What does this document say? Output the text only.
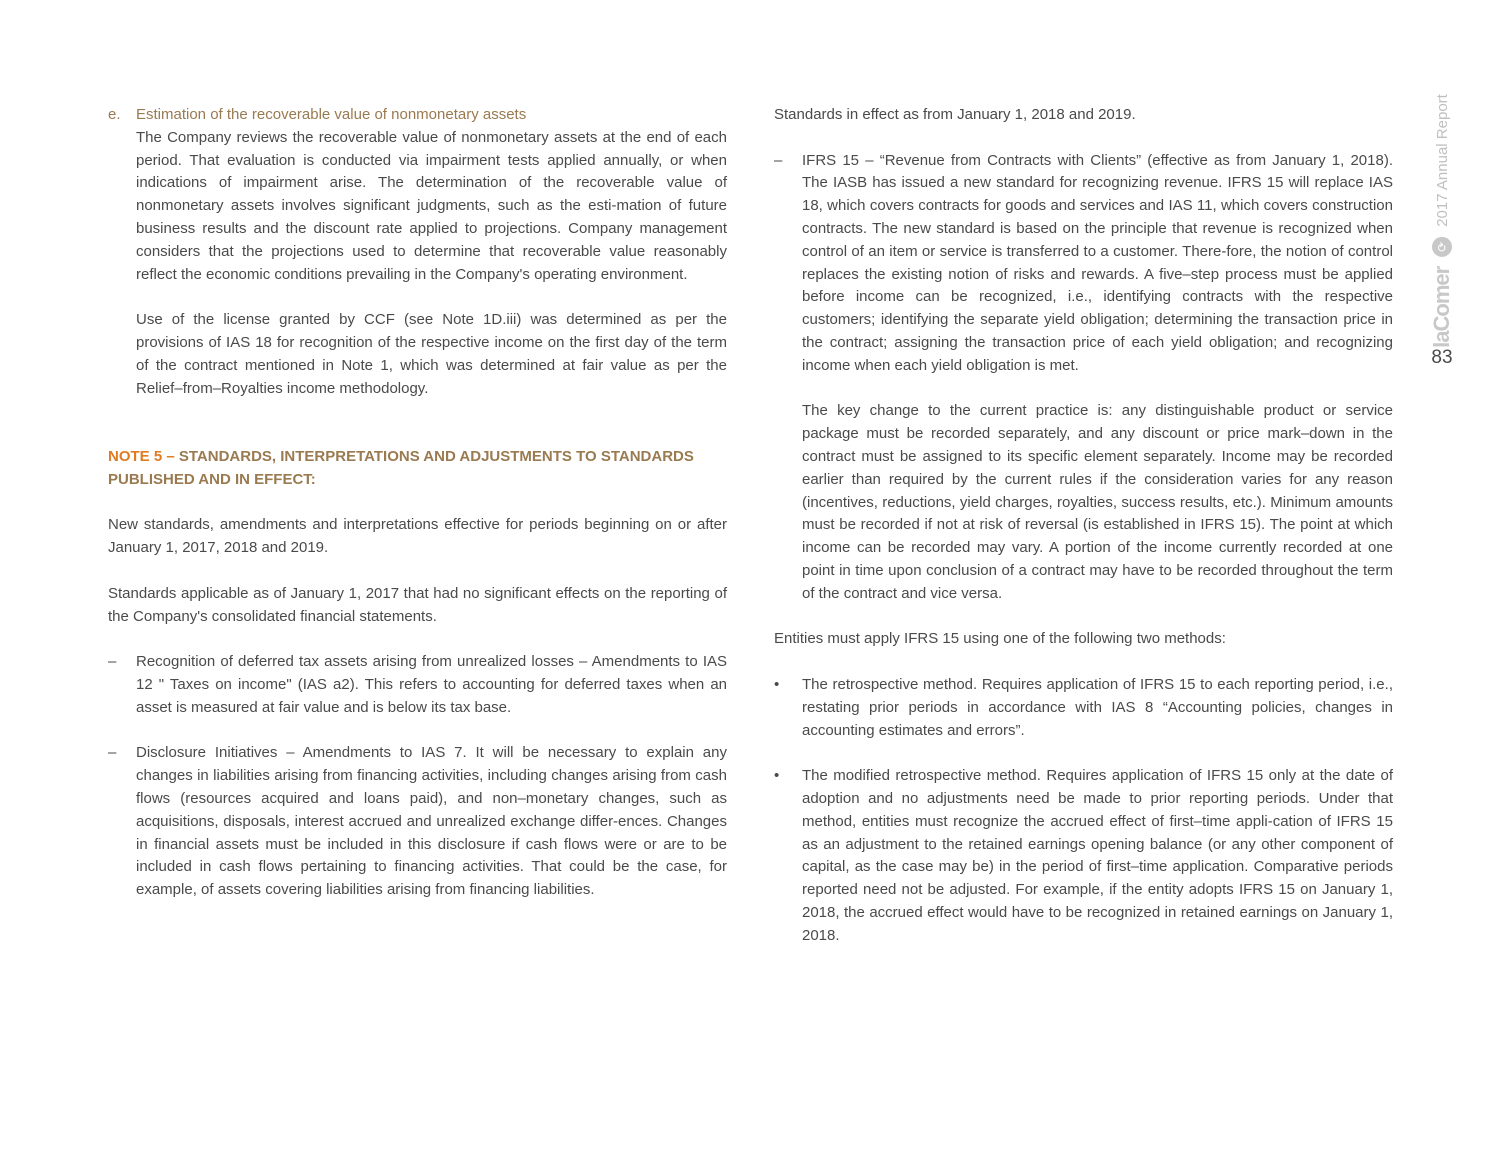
e. Estimation of the recoverable value of nonmonetary assets

The Company reviews the recoverable value of nonmonetary assets at the end of each period. That evaluation is conducted via impairment tests applied annually, or when indications of impairment arise. The determination of the recoverable value of nonmonetary assets involves significant judgments, such as the esti-mation of future business results and the discount rate applied to projections. Company management considers that the projections used to determine that recoverable value reasonably reflect the economic conditions prevailing in the Company's operating environment.

Use of the license granted by CCF (see Note 1D.iii) was determined as per the provisions of IAS 18 for recognition of the respective income on the first day of the term of the contract mentioned in Note 1, which was determined at fair value as per the Relief–from–Royalties income methodology.

NOTE 5 – STANDARDS, INTERPRETATIONS AND ADJUSTMENTS TO STANDARDS PUBLISHED AND IN EFFECT:

New standards, amendments and interpretations effective for periods beginning on or after January 1, 2017, 2018 and 2019.

Standards applicable as of January 1, 2017 that had no significant effects on the reporting of the Company's consolidated financial statements.

– Recognition of deferred tax assets arising from unrealized losses – Amendments to IAS 12 " Taxes on income" (IAS a2). This refers to accounting for deferred taxes when an asset is measured at fair value and is below its tax base.

– Disclosure Initiatives – Amendments to IAS 7. It will be necessary to explain any changes in liabilities arising from financing activities, including changes arising from cash flows (resources acquired and loans paid), and non–monetary changes, such as acquisitions, disposals, interest accrued and unrealized exchange differ-ences. Changes in financial assets must be included in this disclosure if cash flows were or are to be included in cash flows pertaining to financing activities. That could be the case, for example, of assets covering liabilities arising from financing liabilities.

Standards in effect as from January 1, 2018 and 2019.

– IFRS 15 – “Revenue from Contracts with Clients” (effective as from January 1, 2018). The IASB has issued a new standard for recognizing revenue. IFRS 15 will replace IAS 18, which covers contracts for goods and services and IAS 11, which covers construction contracts. The new standard is based on the principle that revenue is recognized when control of an item or service is transferred to a customer. There-fore, the notion of control replaces the existing notion of risks and rewards. A five–step process must be applied before income can be recognized, i.e., identifying contracts with the respective customers; identifying the separate yield obligation; determining the transaction price in the contract; assigning the transaction price of each yield obligation; and recognizing income when each yield obligation is met.

The key change to the current practice is: any distinguishable product or service package must be recorded separately, and any discount or price mark–down in the contract must be assigned to its specific element separately. Income may be recorded earlier than required by the current rules if the consideration varies for any reason (incentives, reductions, yield charges, royalties, success results, etc.). Minimum amounts must be recorded if not at risk of reversal (is established in IFRS 15). The point at which income can be recorded may vary. A portion of the income currently recorded at one point in time upon conclusion of a contract may have to be recorded throughout the term of the contract and vice versa.

Entities must apply IFRS 15 using one of the following two methods:

• The retrospective method. Requires application of IFRS 15 to each reporting period, i.e., restating prior periods in accordance with IAS 8 “Accounting policies, changes in accounting estimates and errors”.

• The modified retrospective method. Requires application of IFRS 15 only at the date of adoption and no adjustments need be made to prior reporting periods. Under that method, entities must recognize the accrued effect of first–time appli-cation of IFRS 15 as an adjustment to the retained earnings opening balance (or any other component of capital, as the case may be) in the period of first–time application. Comparative periods reported need not be adjusted. For example, if the entity adopts IFRS 15 on January 1, 2018, the accrued effect would have to be recognized in retained earnings on January 1, 2018.

laComer
⟳
2017 Annual Report
83
